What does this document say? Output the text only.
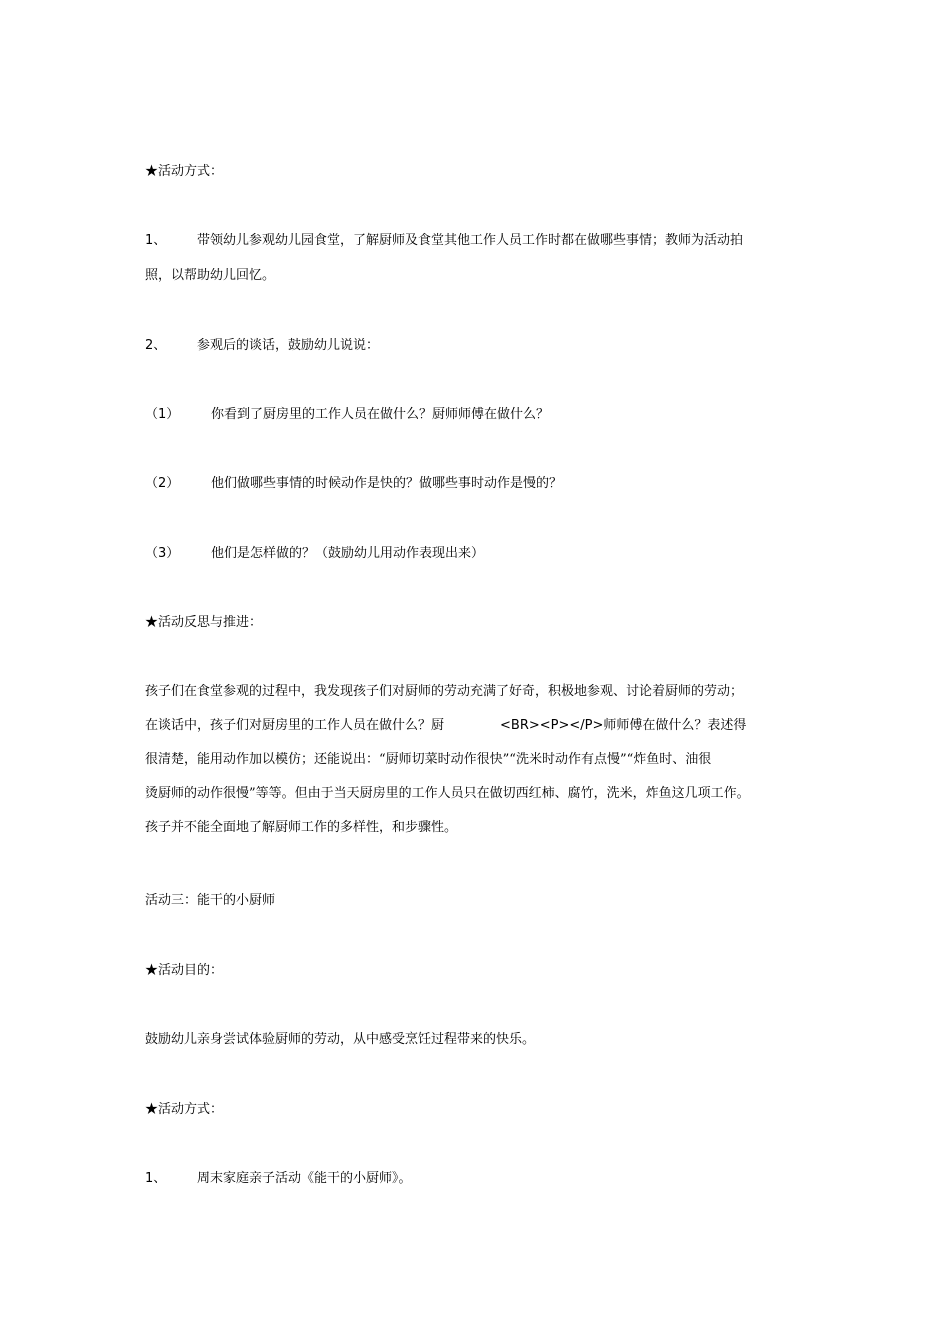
★活动方式：
1、 带领幼儿参观幼儿园食堂，了解厨师及食堂其他工作人员工作时都在做哪些事情；教师为活动拍
照，以帮助幼儿回忆。
2、 参观后的谈话，鼓励幼儿说说：
（1） 你看到了厨房里的工作人员在做什么？厨师师傅在做什么？
（2） 他们做哪些事情的时候动作是快的？做哪些事时动作是慢的？
（3） 他们是怎样做的？（鼓励幼儿用动作表现出来）
★活动反思与推进：
孩子们在食堂参观的过程中，我发现孩子们对厨师的劳动充满了好奇，积极地参观、讨论着厨师的劳动；
在谈话中，孩子们对厨房里的工作人员在做什么？厨	<BR><P></P>师师傅在做什么？表述得
很清楚，能用动作加以模仿；还能说出：“厨师切菜时动作很快”“洗米时动作有点慢”“炸鱼时、油很
烫厨师的动作很慢”等等。但由于当天厨房里的工作人员只在做切西红柿、腐竹，洗米，炸鱼这几项工作。
孩子并不能全面地了解厨师工作的多样性，和步骤性。
活动三：能干的小厨师
★活动目的：
鼓励幼儿亲身尝试体验厨师的劳动，从中感受烹饪过程带来的快乐。
★活动方式：
1、 周末家庭亲子活动《能干的小厨师》。
